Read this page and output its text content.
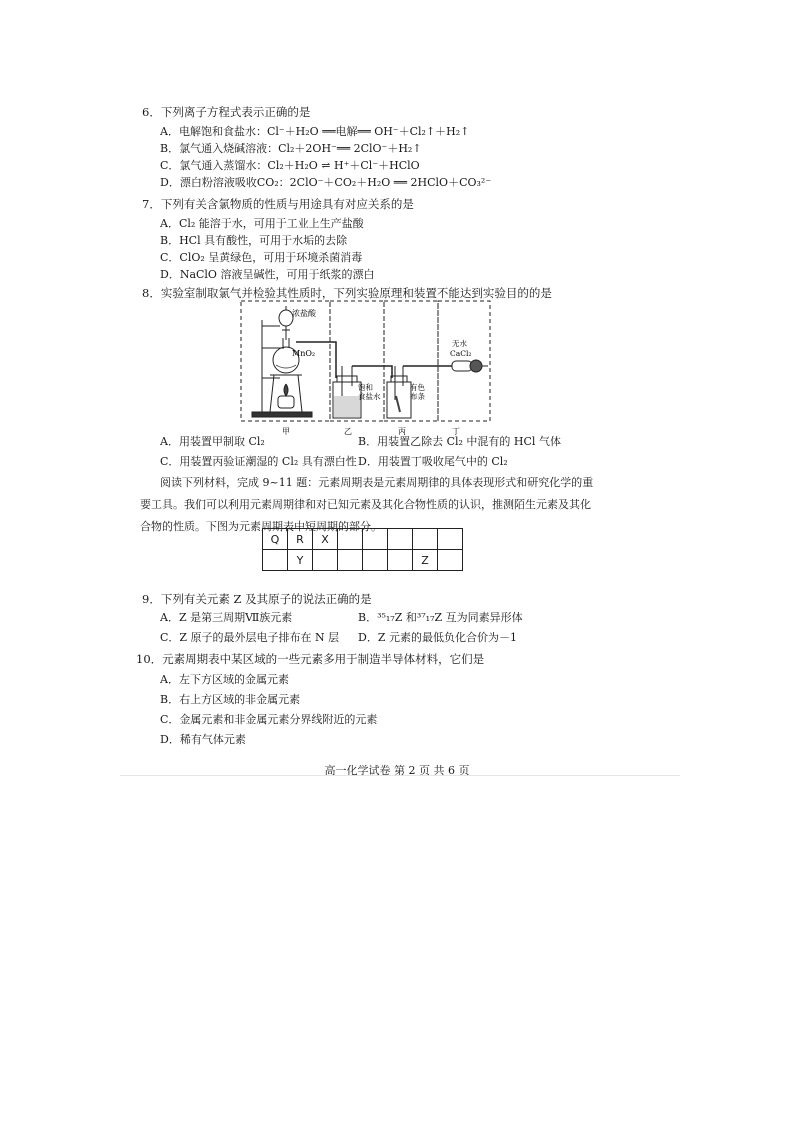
6．下列离子方程式表示正确的是
A．电解饱和食盐水：Cl⁻＋H₂O ══电解══ OH⁻＋Cl₂↑＋H₂↑
B．氯气通入烧碱溶液：Cl₂＋2OH⁻══ 2ClO⁻＋H₂↑
C．氯气通入蒸馏水：Cl₂＋H₂O ⇌ H⁺＋Cl⁻＋HClO
D．漂白粉溶液吸收CO₂：2ClO⁻＋CO₂＋H₂O ══ 2HClO＋CO₃²⁻
7．下列有关含氯物质的性质与用途具有对应关系的是
A．Cl₂ 能溶于水，可用于工业上生产盐酸
B．HCl 具有酸性，可用于水垢的去除
C．ClO₂ 呈黄绿色，可用于环境杀菌消毒
D．NaClO 溶液呈碱性，可用于纸浆的漂白
8．实验室制取氯气并检验其性质时，下列实验原理和装置不能达到实验目的的是
浓盐酸
MnO₂
饱和
食盐水
有色
布条
无水
CaCl₂
甲	乙	丙	丁
A．用装置甲制取 Cl₂	B．用装置乙除去 Cl₂ 中混有的 HCl 气体
C．用装置丙验证潮湿的 Cl₂ 具有漂白性 D．用装置丁吸收尾气中的 Cl₂
阅读下列材料，完成 9~11 题：元素周期表是元素周期律的具体表现形式和研究化学的重要工具。我们可以利用元素周期律和对已知元素及其化合物性质的认识，推测陌生元素及其化合物的性质。下图为元素周期表中短周期的部分。
Q	R	X					
	Y					Z	
9．下列有关元素 Z 及其原子的说法正确的是
A．Z 是第三周期Ⅶ族元素	B．³⁵₁₇Z 和³⁷₁₇Z 互为同素异形体
C．Z 原子的最外层电子排布在 N 层 D．Z 元素的最低负化合价为－1
10．元素周期表中某区域的一些元素多用于制造半导体材料，它们是
A．左下方区域的金属元素
B．右上方区域的非金属元素
C．金属元素和非金属元素分界线附近的元素
D．稀有气体元素
高一化学试卷 第 2 页 共 6 页
